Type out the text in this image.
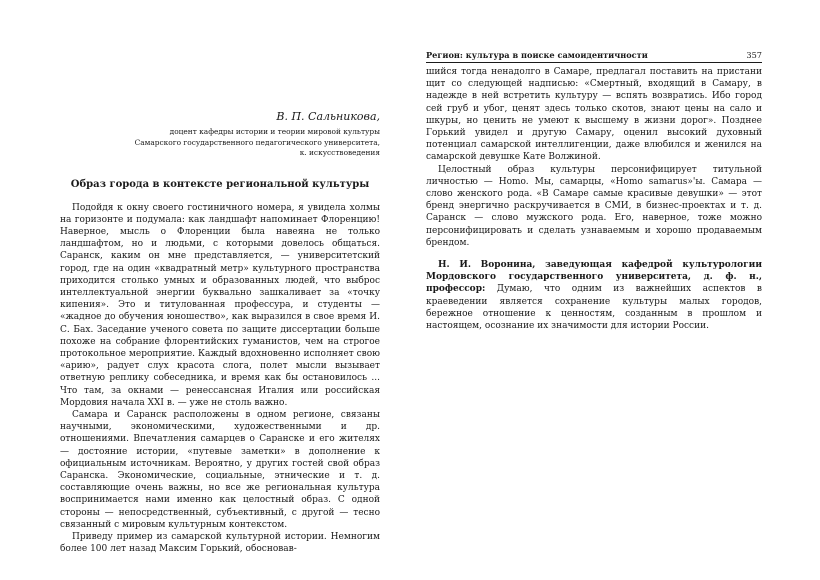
В. П. Сальникова,

доцент кафедры истории и теории мировой культуры
Самарского государственного педагогического университета,
к. искусствоведения

Образ города в контексте региональной культуры

Подойдя к окну своего гостиничного номера, я увидела холмы на горизонте и подумала: как ландшафт напоминает Флоренцию! Наверное, мысль о Флоренции была навеяна не только ландшафтом, но и людьми, с которыми довелось общаться. Саранск, каким он мне представляется, — университетский город, где на один «квадратный метр» культурного пространства приходится столько умных и образованных людей, что выброс интеллектуальной энергии буквально зашкаливает за «точку кипения». Это и титулованная профессура, и студенты — «жадное до обучения юношество», как выразился в свое время И. С. Бах. Заседание ученого совета по защите диссертации больше похоже на собрание флорентийских гуманистов, чем на строгое протокольное мероприятие. Каждый вдохновенно исполняет свою «арию», радует слух красота слога, полет мысли вызывает ответную реплику собеседника, и время как бы остановилось ... Что там, за окнами — ренессансная Италия или российская Мордовия начала XXI в. — уже не столь важно.

Самара и Саранск расположены в одном регионе, связаны научными, экономическими, художественными и др. отношениями. Впечатления самарцев о Саранске и его жителях — достояние истории, «путевые заметки» в дополнение к официальным источникам. Вероятно, у других гостей свой образ Саранска. Экономические, социальные, этнические и т. д. составляющие очень важны, но все же региональная культура воспринимается нами именно как целостный образ. С одной стороны — непосредственный, субъективный, с другой — тесно связанный с мировым культурным контекстом.

Приведу пример из самарской культурной истории. Немногим более 100 лет назад Максим Горький, обосновав-

Регион: культура в поиске самоидентичности	357

шийся тогда ненадолго в Самаре, предлагал поставить на пристани щит со следующей надписью: «Смертный, входящий в Самару, в надежде в ней встретить культуру — вспять возвратись. Ибо город сей груб и убог, ценят здесь только скотов, знают цены на сало и шкуры, но ценить не умеют к высшему в жизни дорог». Позднее Горький увидел и другую Самару, оценил высокий духовный потенциал самарской интеллигенции, даже влюбился и женился на самарской девушке Кате Волжиной.

Целостный образ культуры персонифицирует титульной личностью — Homo. Мы, самарцы, «Homo samarus»'ы. Самара — слово женского рода. «В Самаре самые красивые девушки» — этот бренд энергично раскручивается в СМИ, в бизнес-проектах и т. д. Саранск — слово мужского рода. Его, наверное, тоже можно персонифицировать и сделать узнаваемым и хорошо продаваемым брендом.

Н. И. Воронина, заведующая кафедрой культурологии Мордовского государственного университета, д. ф. н., профессор: Думаю, что одним из важнейших аспектов в краеведении является сохранение культуры малых городов, бережное отношение к ценностям, созданным в прошлом и настоящем, осознание их значимости для истории России.
